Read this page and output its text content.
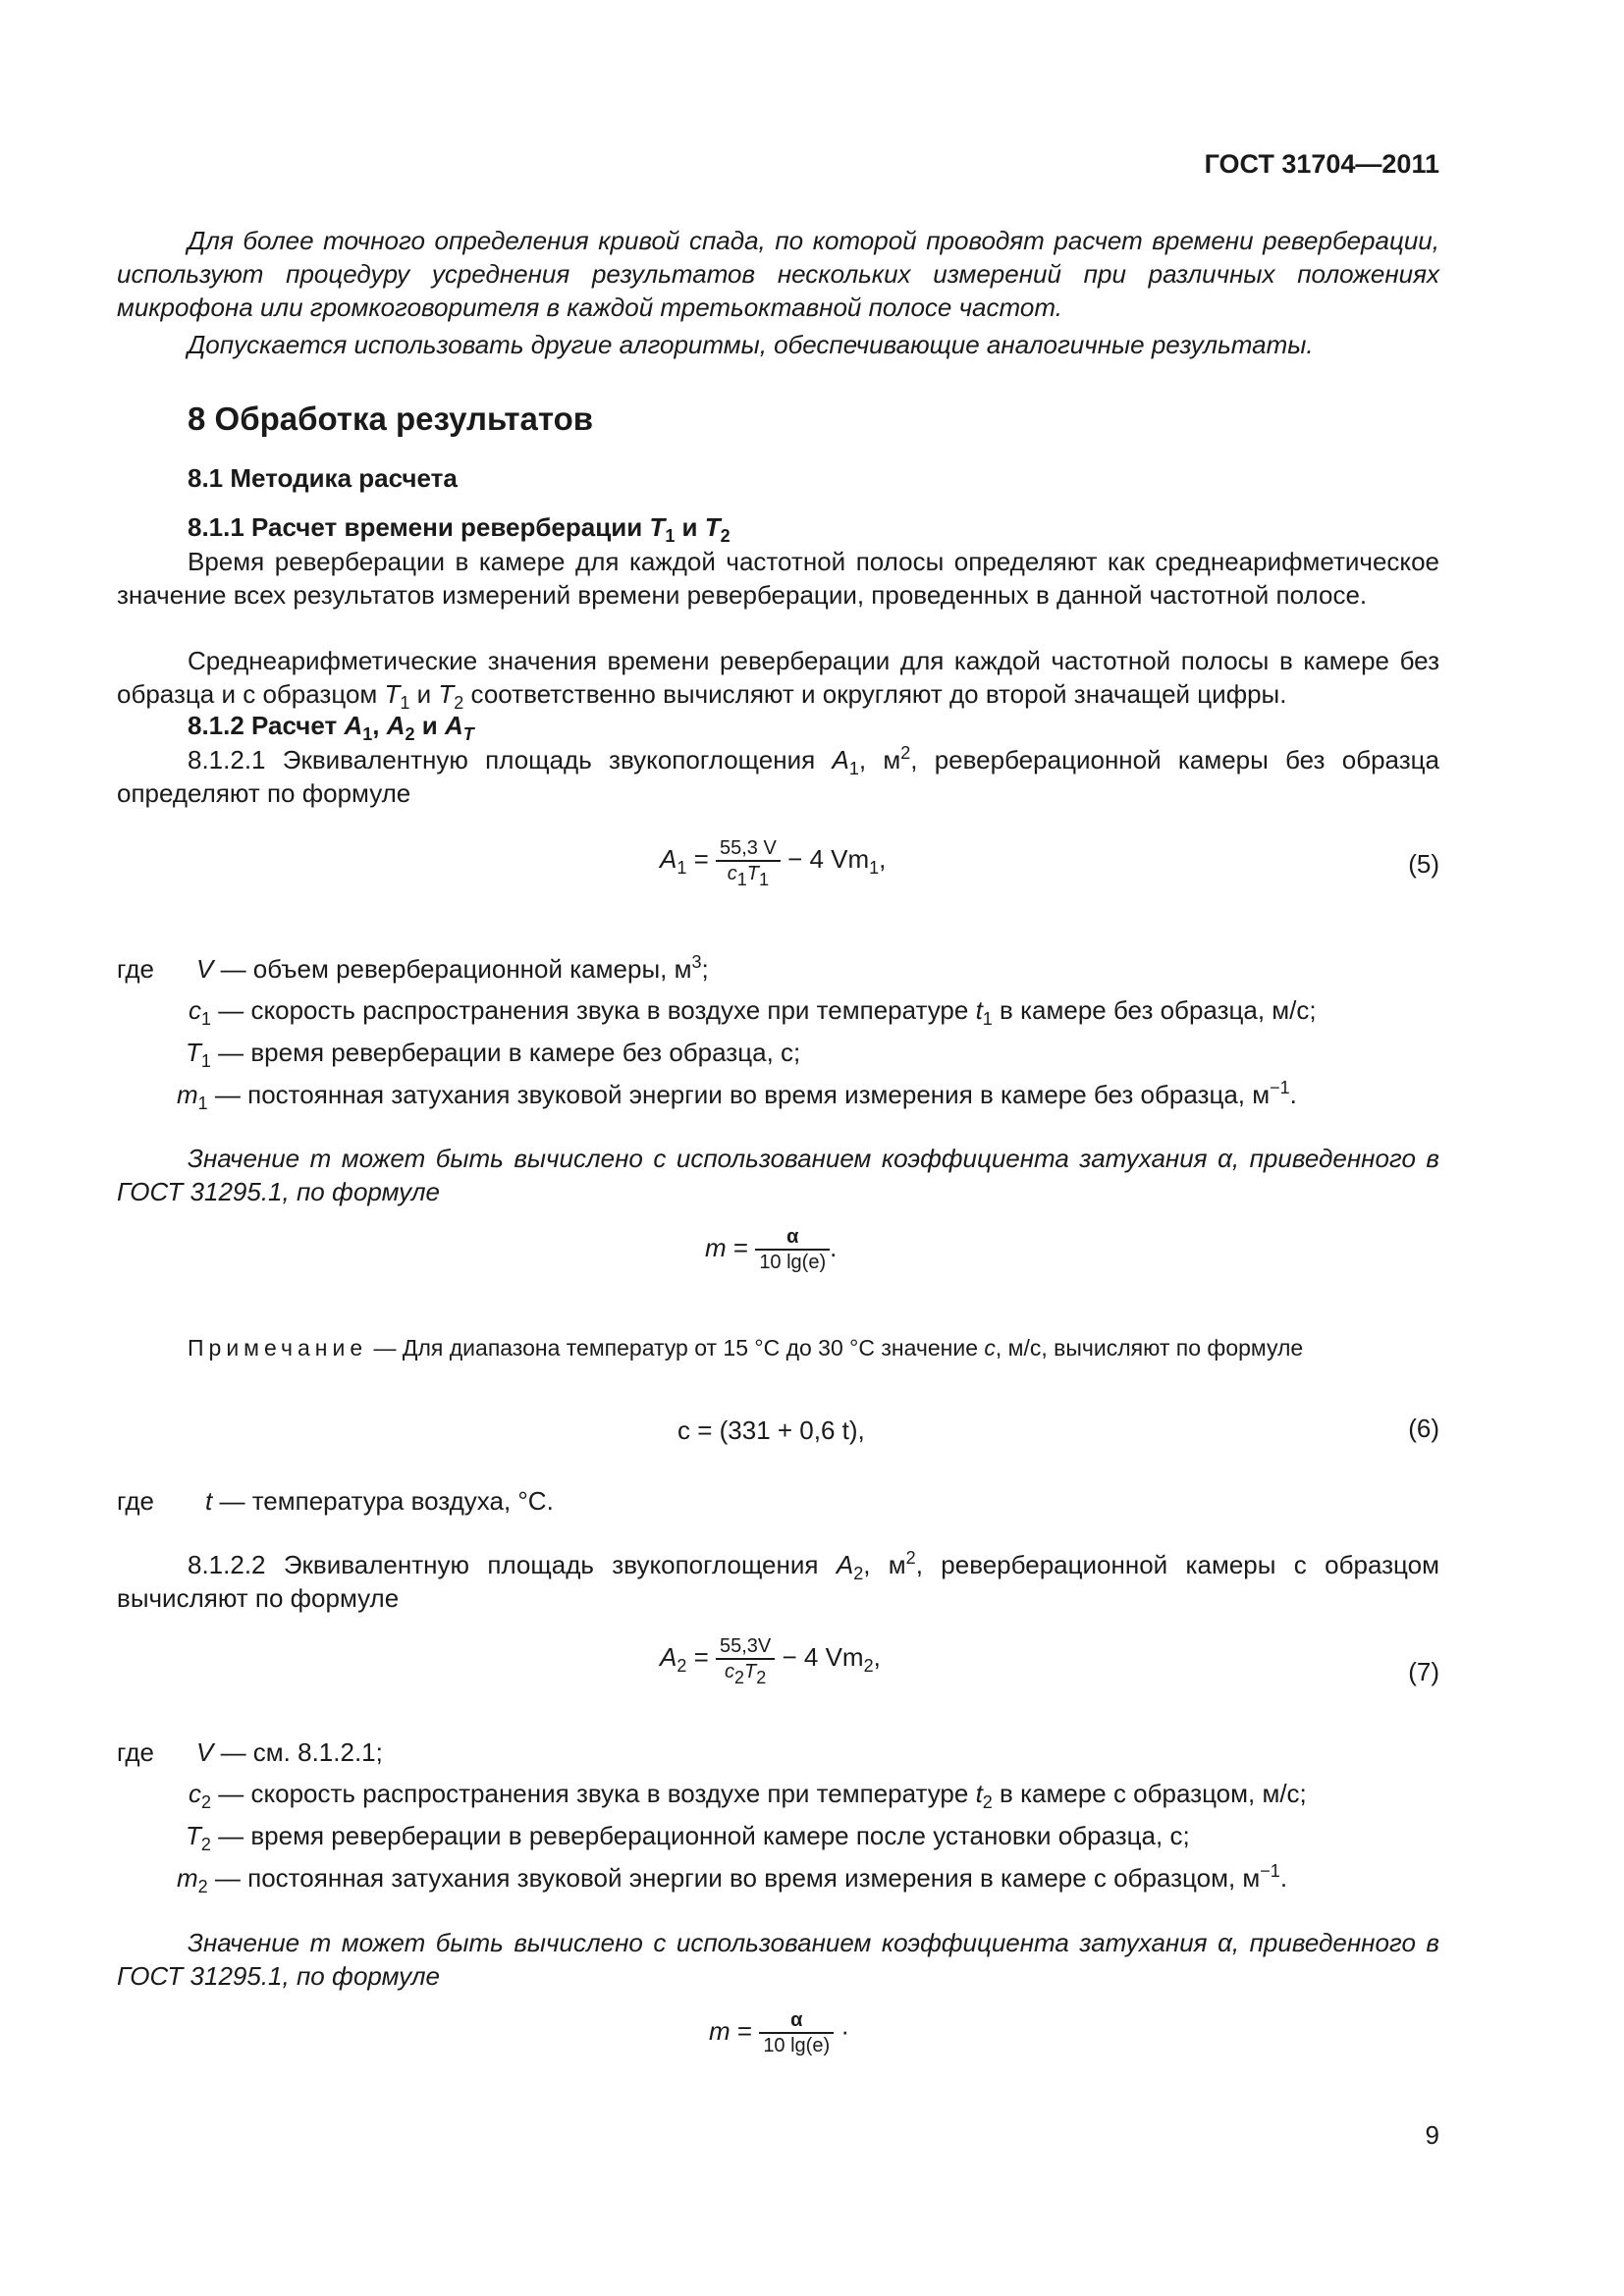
ГОСТ 31704—2011
Для более точного определения кривой спада, по которой проводят расчет времени реверберации, используют процедуру усреднения результатов нескольких измерений при различных положениях микрофона или громкоговорителя в каждой третьоктавной полосе частот.
Допускается использовать другие алгоритмы, обеспечивающие аналогичные результаты.
8 Обработка результатов
8.1 Методика расчета
8.1.1 Расчет времени реверберации $T_1$ и $T_2$
Время реверберации в камере для каждой частотной полосы определяют как среднеарифметическое значение всех результатов измерений времени реверберации, проведенных в данной частотной полосе.
Среднеарифметические значения времени реверберации для каждой частотной полосы в камере без образца и с образцом $T_1$ и $T_2$ соответственно вычисляют и округляют до второй значащей цифры.
8.1.2 Расчет $A_1$, $A_2$ и $A_T$
8.1.2.1 Эквивалентную площадь звукопоглощения $A_1$, $м^2$, реверберационной камеры без образца определяют по формуле
$A_1 = \frac{55,3 V}{c_1T_1} - 4$ $Vm_1$,	(5)
где V — объем реверберационной камеры, $м^3$;
$c_1$ — скорость распространения звука в воздухе при температуре $t_1$ в камере без образца, м/с;
$T_1$ — время реверберации в камере без образца, с;
$m_1$ — постоянная затухания звуковой энергии во время измерения в камере без образца, $м^{-1}$.
Значение m может быть вычислено с использованием коэффициента затухания α, приведенного в ГОСТ 31295.1, по формуле
$m = \frac{\alpha}{10 \lg(e)}$ .
Примечание — Для диапазона температур от 15 °С до 30 °С значение c, м/с, вычисляют по формуле
c = (331 + 0,6 t),	(6)
где t — температура воздуха, °С.
8.1.2.2 Эквивалентную площадь звукопоглощения $A_2$, $м^2$, реверберационной камеры с образцом вычисляют по формуле
$A_2 = \frac{55,3V}{c_2T_2} - 4$ $Vm_2$,
(7)
где V — см. 8.1.2.1;
$c_2$ — скорость распространения звука в воздухе при температуре $t_2$ в камере с образцом, м/с;
$T_2$ — время реверберации в реверберационной камере после установки образца, с;
$m_2$ — постоянная затухания звуковой энергии во время измерения в камере с образцом, $м^{-1}$.
Значение m может быть вычислено с использованием коэффициента затухания α, приведенного в ГОСТ 31295.1, по формуле
$m = \frac{\alpha}{10 \lg(e)}$ ·
9
